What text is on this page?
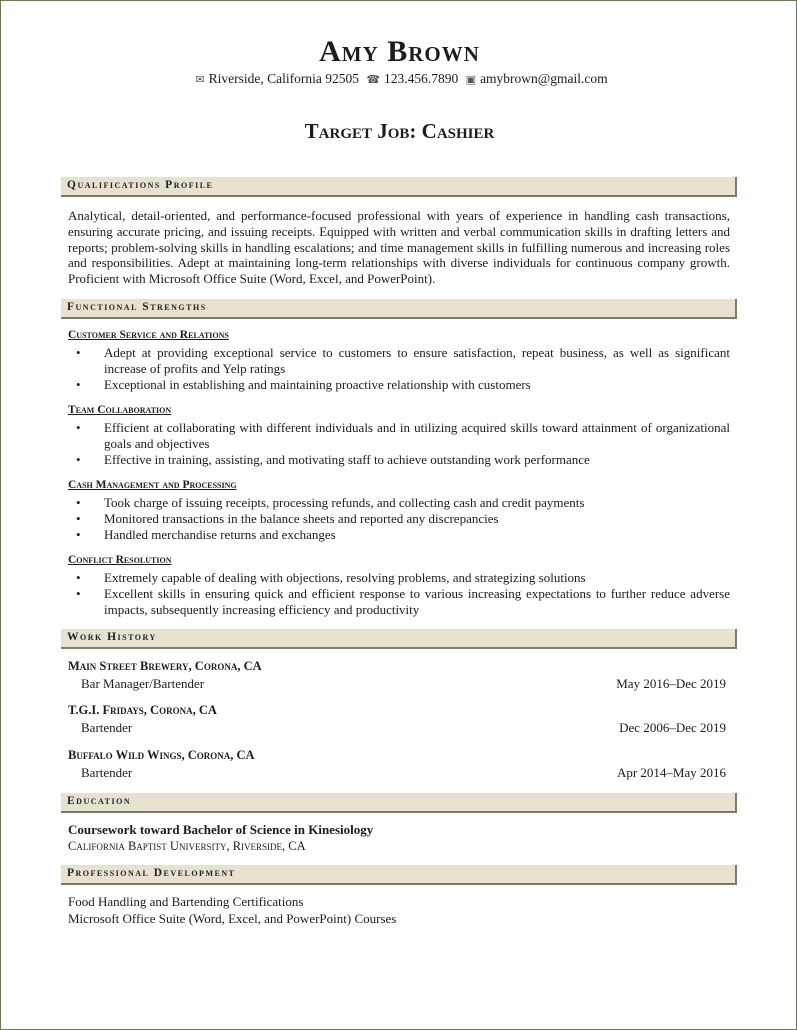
Amy Brown
✉ Riverside, California 92505 ☎ 123.456.7890 ▣ amybrown@gmail.com
Target Job: Cashier
Qualifications Profile
Analytical, detail-oriented, and performance-focused professional with years of experience in handling cash transactions, ensuring accurate pricing, and issuing receipts. Equipped with written and verbal communication skills in drafting letters and reports; problem-solving skills in handling escalations; and time management skills in fulfilling numerous and increasing roles and responsibilities. Adept at maintaining long-term relationships with diverse individuals for continuous company growth. Proficient with Microsoft Office Suite (Word, Excel, and PowerPoint).
Functional Strengths
Customer Service and Relations
• Adept at providing exceptional service to customers to ensure satisfaction, repeat business, as well as significant increase of profits and Yelp ratings
• Exceptional in establishing and maintaining proactive relationship with customers
Team Collaboration
• Efficient at collaborating with different individuals and in utilizing acquired skills toward attainment of organizational goals and objectives
• Effective in training, assisting, and motivating staff to achieve outstanding work performance
Cash Management and Processing
• Took charge of issuing receipts, processing refunds, and collecting cash and credit payments
• Monitored transactions in the balance sheets and reported any discrepancies
• Handled merchandise returns and exchanges
Conflict Resolution
• Extremely capable of dealing with objections, resolving problems, and strategizing solutions
• Excellent skills in ensuring quick and efficient response to various increasing expectations to further reduce adverse impacts, subsequently increasing efficiency and productivity
Work History
Main Street Brewery, Corona, CA
Bar Manager/Bartender	May 2016–Dec 2019
T.G.I. Fridays, Corona, CA
Bartender	Dec 2006–Dec 2019
Buffalo Wild Wings, Corona, CA
Bartender	Apr 2014–May 2016
Education
Coursework toward Bachelor of Science in Kinesiology
California Baptist University, Riverside, CA
Professional Development
Food Handling and Bartending Certifications
Microsoft Office Suite (Word, Excel, and PowerPoint) Courses
